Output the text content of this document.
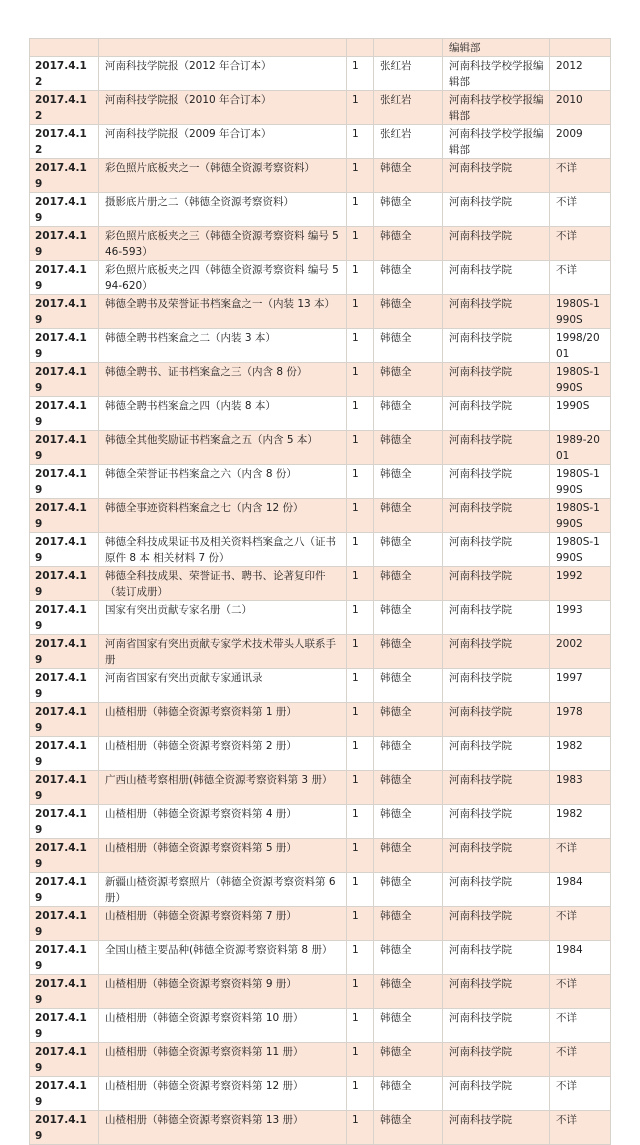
				编辑部	
2017.4.12	河南科技学院报（2012 年合订本）	1	张红岩	河南科技学校学报编辑部	2012
2017.4.12	河南科技学院报（2010 年合订本）	1	张红岩	河南科技学校学报编辑部	2010
2017.4.12	河南科技学院报（2009 年合订本）	1	张红岩	河南科技学校学报编辑部	2009
2017.4.19	彩色照片底板夹之一（韩德全资源考察资料）	1	韩德全	河南科技学院	不详
2017.4.19	摄影底片册之二（韩德全资源考察资料）	1	韩德全	河南科技学院	不详
2017.4.19	彩色照片底板夹之三（韩德全资源考察资料 编号 546-593）	1	韩德全	河南科技学院	不详
2017.4.19	彩色照片底板夹之四（韩德全资源考察资料 编号 594-620）	1	韩德全	河南科技学院	不详
2017.4.19	韩德全聘书及荣誉证书档案盒之一（内装 13 本）	1	韩德全	河南科技学院	1980S-1990S
2017.4.19	韩德全聘书档案盒之二（内装 3 本）	1	韩德全	河南科技学院	1998/2001
2017.4.19	韩德全聘书、证书档案盒之三（内含 8 份）	1	韩德全	河南科技学院	1980S-1990S
2017.4.19	韩德全聘书档案盒之四（内装 8 本）	1	韩德全	河南科技学院	1990S
2017.4.19	韩德全其他奖励证书档案盒之五（内含 5 本）	1	韩德全	河南科技学院	1989-2001
2017.4.19	韩德全荣誉证书档案盒之六（内含 8 份）	1	韩德全	河南科技学院	1980S-1990S
2017.4.19	韩德全事迹资料档案盒之七（内含 12 份）	1	韩德全	河南科技学院	1980S-1990S
2017.4.19	韩德全科技成果证书及相关资料档案盒之八（证书原件 8 本 相关材料 7 份）	1	韩德全	河南科技学院	1980S-1990S
2017.4.19	韩德全科技成果、荣誉证书、聘书、论著复印件（装订成册）	1	韩德全	河南科技学院	1992
2017.4.19	国家有突出贡献专家名册（二）	1	韩德全	河南科技学院	1993
2017.4.19	河南省国家有突出贡献专家学术技术带头人联系手册	1	韩德全	河南科技学院	2002
2017.4.19	河南省国家有突出贡献专家通讯录	1	韩德全	河南科技学院	1997
2017.4.19	山楂相册（韩德全资源考察资料第 1 册）	1	韩德全	河南科技学院	1978
2017.4.19	山楂相册（韩德全资源考察资料第 2 册）	1	韩德全	河南科技学院	1982
2017.4.19	广西山楂考察相册(韩德全资源考察资料第 3 册）	1	韩德全	河南科技学院	1983
2017.4.19	山楂相册（韩德全资源考察资料第 4 册）	1	韩德全	河南科技学院	1982
2017.4.19	山楂相册（韩德全资源考察资料第 5 册）	1	韩德全	河南科技学院	不详
2017.4.19	新疆山楂资源考察照片（韩德全资源考察资料第 6 册）	1	韩德全	河南科技学院	1984
2017.4.19	山楂相册（韩德全资源考察资料第 7 册）	1	韩德全	河南科技学院	不详
2017.4.19	全国山楂主要品种(韩德全资源考察资料第 8 册）	1	韩德全	河南科技学院	1984
2017.4.19	山楂相册（韩德全资源考察资料第 9 册）	1	韩德全	河南科技学院	不详
2017.4.19	山楂相册（韩德全资源考察资料第 10 册）	1	韩德全	河南科技学院	不详
2017.4.19	山楂相册（韩德全资源考察资料第 11 册）	1	韩德全	河南科技学院	不详
2017.4.19	山楂相册（韩德全资源考察资料第 12 册）	1	韩德全	河南科技学院	不详
2017.4.19	山楂相册（韩德全资源考察资料第 13 册）	1	韩德全	河南科技学院	不详
